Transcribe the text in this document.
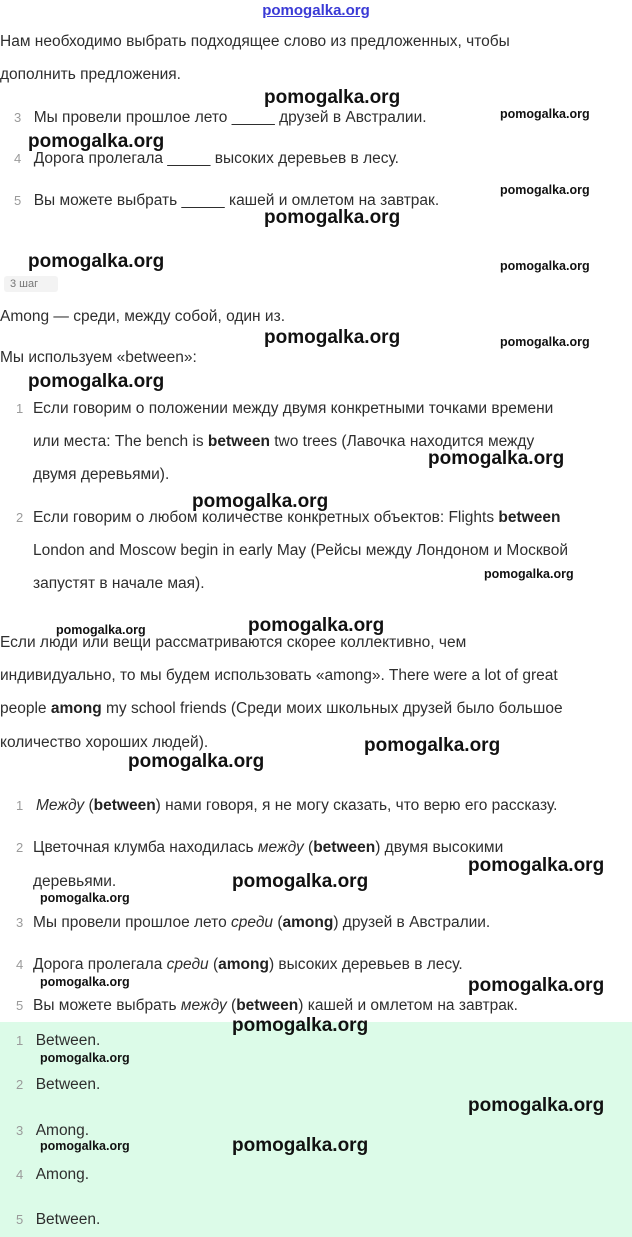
pomogalka.org
Нам необходимо выбрать подходящее слово из предложенных, чтобы
дополнить предложения.
3 Мы провели прошлое лето _____ друзей в Австралии.
4 Дорога пролегала _____ высоких деревьев в лесу.
5 Вы можете выбрать _____ кашей и омлетом на завтрак.
3 шаг
Among — среди, между собой, один из.
Мы используем «between»:
1 Если говорим о положении между двумя конкретными точками времени
или места: The bench is between two trees (Лавочка находится между
двумя деревьями).
2 Если говорим о любом количестве конкретных объектов: Flights between
London and Moscow begin in early May (Рейсы между Лондоном и Москвой
запустят в начале мая).
Если люди или вещи рассматриваются скорее коллективно, чем
индивидуально, то мы будем использовать «among». There were a lot of great
people among my school friends (Среди моих школьных друзей было большое
количество хороших людей).
1 Между (between) нами говоря, я не могу сказать, что верю его рассказу.
2 Цветочная клумба находилась между (between) двумя высокими
деревьями.
3 Мы провели прошлое лето среди (among) друзей в Австралии.
4 Дорога пролегала среди (among) высоких деревьев в лесу.
5 Вы можете выбрать между (between) кашей и омлетом на завтрак.
1 Between.
2 Between.
3 Among.
4 Among.
5 Between.
pomogalka.org
pomogalka.org
pomogalka.org
pomogalka.org
pomogalka.org
pomogalka.org	pomogalka.org
pomogalka.org	pomogalka.org
pomogalka.org
pomogalka.org
pomogalka.org
pomogalka.org
pomogalka.org
pomogalka.org
pomogalka.org
pomogalka.org
pomogalka.org
pomogalka.org
pomogalka.org
pomogalka.org	pomogalka.org
pomogalka.org
pomogalka.org
pomogalka.org
pomogalka.org
pomogalka.org
